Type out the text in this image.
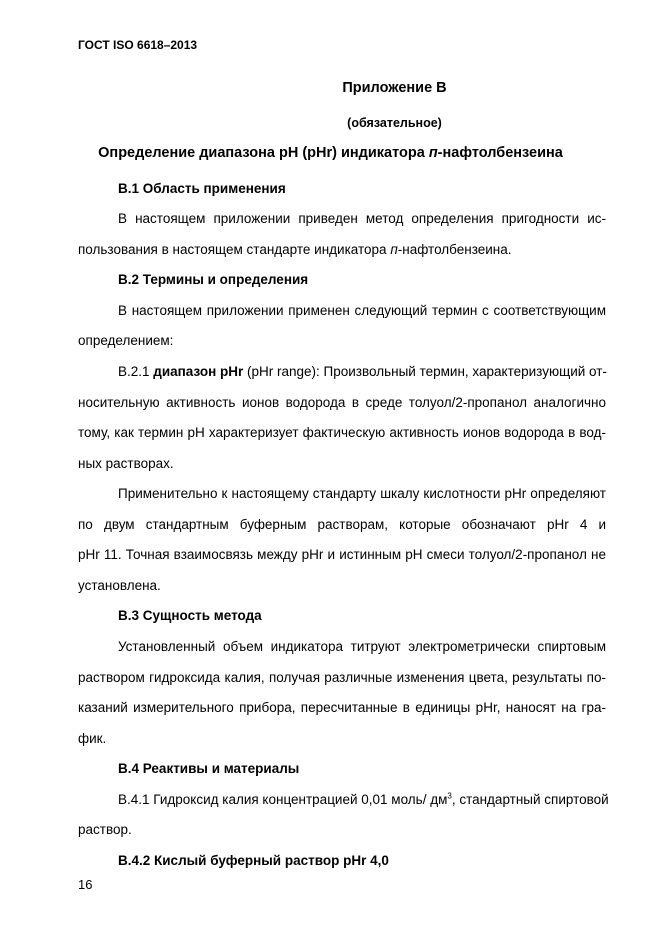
ГОСТ ISO 6618–2013
Приложение В
(обязательное)
Определение диапазона pH (pHr) индикатора п-нафтолбензеина
В.1 Область применения
В настоящем приложении приведен метод определения пригодности ис-
пользования в настоящем стандарте индикатора п-нафтолбензеина.
В.2 Термины и определения
В настоящем приложении применен следующий термин с соответствующим
определением:
В.2.1 диапазон pHr (pHr range): Произвольный термин, характеризующий от-
носительную активность ионов водорода в среде толуол/2-пропанол аналогично
тому, как термин pH характеризует фактическую активность ионов водорода в вод-
ных растворах.
Применительно к настоящему стандарту шкалу кислотности pHr определяют
по двум стандартным буферным растворам, которые обозначают pHr 4 и
pHr 11. Точная взаимосвязь между pHr и истинным pH смеси толуол/2-пропанол не
установлена.
В.3 Сущность метода
Установленный объем индикатора титруют электрометрически спиртовым
раствором гидроксида калия, получая различные изменения цвета, результаты по-
казаний измерительного прибора, пересчитанные в единицы pHr, наносят на гра-
фик.
В.4 Реактивы и материалы
В.4.1 Гидроксид калия концентрацией 0,01 моль/ $дм^3$, стандартный спиртовой
раствор.
В.4.2 Кислый буферный раствор pHr 4,0
16
